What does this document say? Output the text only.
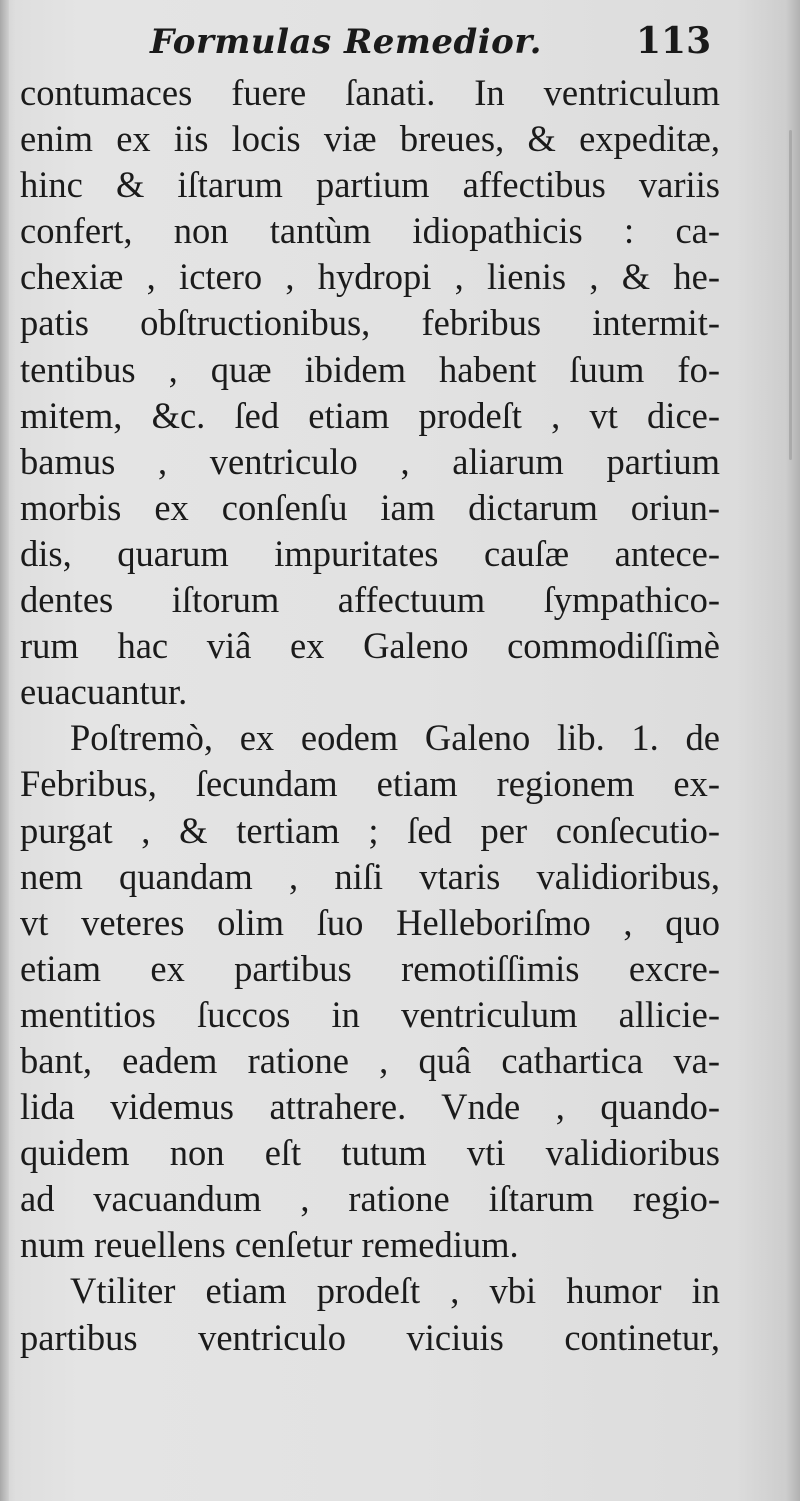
Formulas Remedior.	113
contumaces fuere ſanati. In ventriculum
enim ex iis locis viæ breues, & expeditæ,
hinc & iſtarum partium affectibus variis
confert, non tantùm idiopathicis : ca-
chexiæ , ictero , hydropi , lienis , & he-
patis obſtructionibus, febribus intermit-
tentibus , quæ ibidem habent ſuum fo-
mitem, &c. ſed etiam prodeſt , vt dice-
bamus , ventriculo , aliarum partium
morbis ex conſenſu iam dictarum oriun-
dis, quarum impuritates cauſæ antece-
dentes iſtorum affectuum ſympathico-
rum hac viâ ex Galeno commodiſſimè
euacuantur.
Poſtremò, ex eodem Galeno lib. 1. de
Febribus, ſecundam etiam regionem ex-
purgat , & tertiam ; ſed per conſecutio-
nem quandam , niſi vtaris validioribus,
vt veteres olim ſuo Helleboriſmo , quo
etiam ex partibus remotiſſimis excre-
mentitios ſuccos in ventriculum allicie-
bant, eadem ratione , quâ cathartica va-
lida videmus attrahere. Vnde , quando-
quidem non eſt tutum vti validioribus
ad vacuandum , ratione iſtarum regio-
num reuellens cenſetur remedium.
Vtiliter etiam prodeſt , vbi humor in
partibus ventriculo viciuis continetur,
